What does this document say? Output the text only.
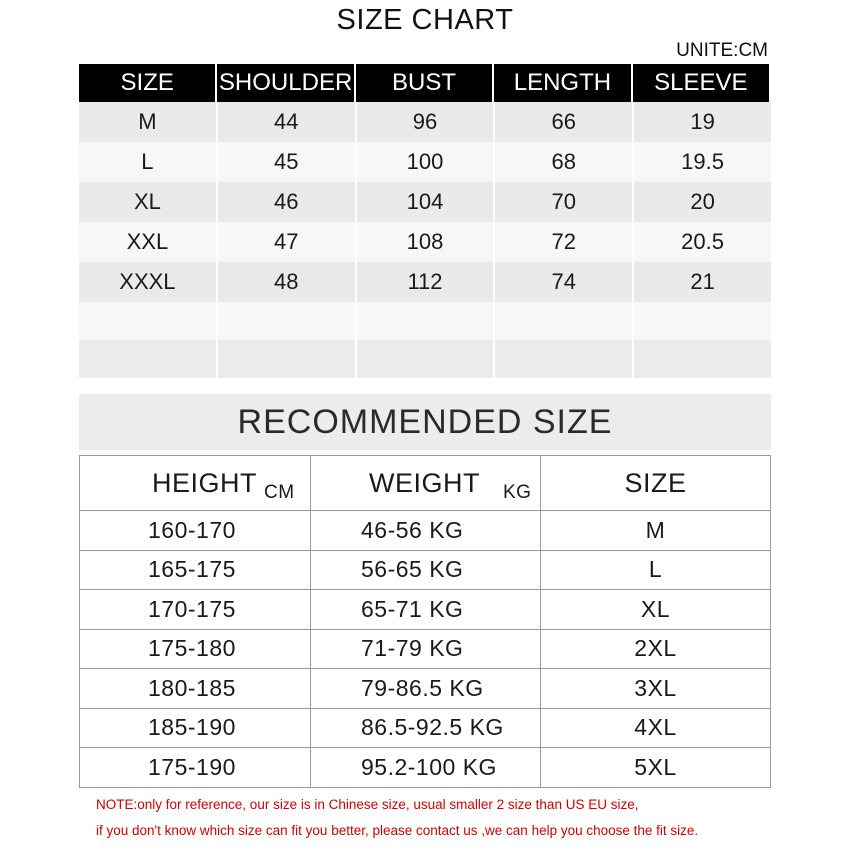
SIZE CHART
UNITE:CM
SIZE	SHOULDER	BUST	LENGTH	SLEEVE
M	44	96	66	19
L	45	100	68	19.5
XL	46	104	70	20
XXL	47	108	72	20.5
XXXL	48	112	74	21
RECOMMENDED SIZE
HEIGHT CM	WEIGHT KG	SIZE
160-170	46-56 KG	M
165-175	56-65 KG	L
170-175	65-71 KG	XL
175-180	71-79 KG	2XL
180-185	79-86.5 KG	3XL
185-190	86.5-92.5 KG	4XL
175-190	95.2-100 KG	5XL
NOTE:only for reference, our size is in Chinese size, usual smaller 2 size than US EU size,
if you don't know which size can fit you better, please contact us ,we can help you choose the fit size.
